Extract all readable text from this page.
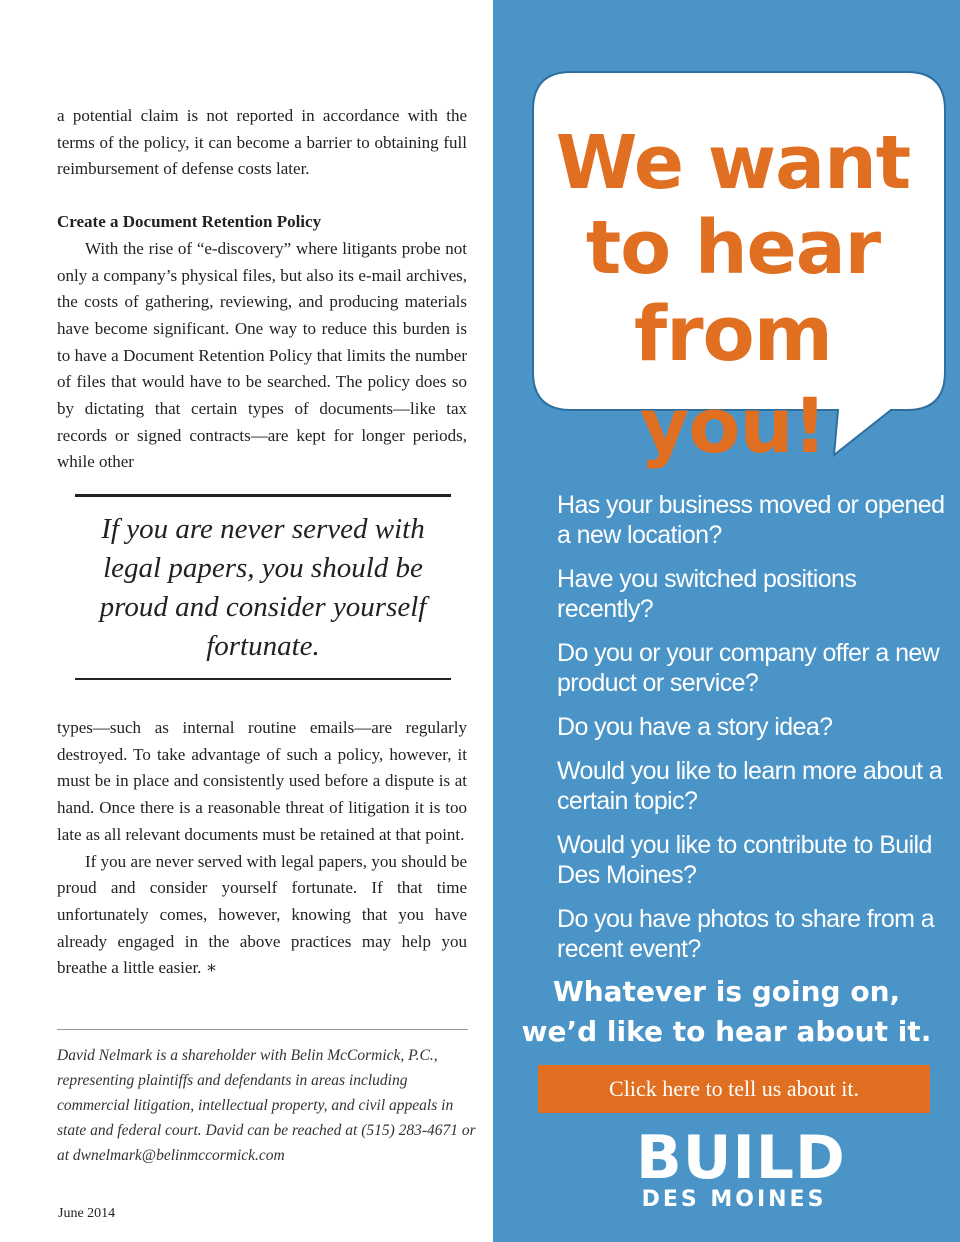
a potential claim is not reported in accordance with the terms of the policy, it can become a barrier to obtaining full reimbursement of defense costs later.

Create a Document Retention Policy

With the rise of “e-discovery” where litigants probe not only a company’s physical files, but also its e-mail archives, the costs of gathering, reviewing, and producing materials have become significant. One way to reduce this burden is to have a Document Retention Policy that limits the number of files that would have to be searched. The policy does so by dictating that certain types of documents—like tax records or signed contracts—are kept for longer periods, while other

If you are never served with legal papers, you should be proud and consider yourself fortunate.

types—such as internal routine emails—are regularly destroyed. To take advantage of such a policy, however, it must be in place and consistently used before a dispute is at hand. Once there is a reasonable threat of litigation it is too late as all relevant documents must be retained at that point.

If you are never served with legal papers, you should be proud and consider yourself fortunate. If that time unfortunately comes, however, knowing that you have already engaged in the above practices may help you breathe a little easier. ∗

David Nelmark is a shareholder with Belin McCormick, P.C., representing plaintiffs and defendants in areas including commercial litigation, intellectual property, and civil appeals in state and federal court. David can be reached at (515) 283-4671 or at dwnelmark@belinmccormick.com

June 2014

We want
to hear
from you!
Has your business moved or opened a new location?
Have you switched positions recently?
Do you or your company offer a new product or service?
Do you have a story idea?
Would you like to learn more about a certain topic?
Would you like to contribute to Build Des Moines?
Do you have photos to share from a recent event?
Whatever is going on,
we’d like to hear about it.
Click here to tell us about it.
BUILD
DES MOINES
